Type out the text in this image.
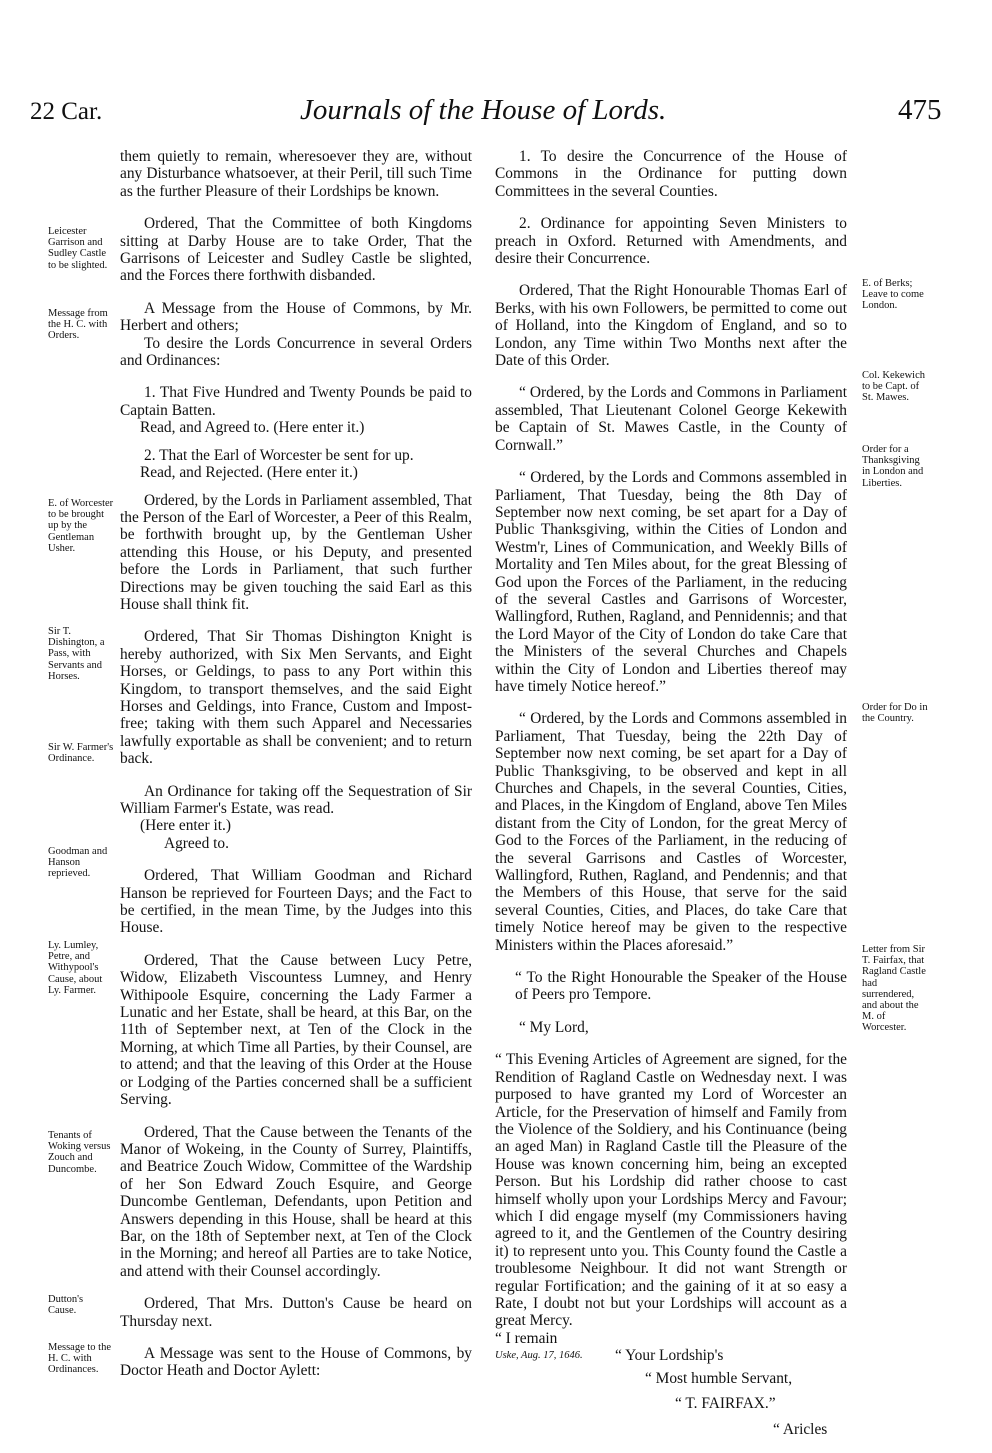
22 Car.	Journals of the House of Lords.	475
Leicester Garrison and Sudley Castle to be slighted.
Message from the H. C. with Orders.
E. of Worcester to be brought up by the Gentleman Usher.
Sir T. Dishington, a Pass, with Servants and Horses.
Sir W. Farmer's Ordinance.
Goodman and Hanson reprieved.
Ly. Lumley, Petre, and Withypool's Cause, about Ly. Farmer.
Tenants of Woking versus Zouch and Duncombe.
Dutton's Cause.
Message to the H. C. with Ordinances.
E. of Berks; Leave to come London.
Col. Kekewich to be Capt. of St. Mawes.
Order for a Thanksgiving in London and Liberties.
Order for Do in the Country.
Letter from Sir T. Fairfax, that Ragland Castle had surrendered, and about the M. of Worcester.

them quietly to remain, wheresoever they are, without any Disturbance whatsoever, at their Peril, till such Time as the further Pleasure of their Lordships be known.

Ordered, That the Committee of both Kingdoms sitting at Darby House are to take Order, That the Garrisons of Leicester and Sudley Castle be slighted, and the Forces there forthwith disbanded.

A Message from the House of Commons, by Mr. Herbert and others;

To desire the Lords Concurrence in several Orders and Ordinances:

1. That Five Hundred and Twenty Pounds be paid to Captain Batten.

Read, and Agreed to. (Here enter it.)

2. That the Earl of Worcester be sent for up.

Read, and Rejected. (Here enter it.)

Ordered, by the Lords in Parliament assembled, That the Person of the Earl of Worcester, a Peer of this Realm, be forthwith brought up, by the Gentleman Usher attending this House, or his Deputy, and presented before the Lords in Parliament, that such further Directions may be given touching the said Earl as this House shall think fit.

Ordered, That Sir Thomas Dishington Knight is hereby authorized, with Six Men Servants, and Eight Horses, or Geldings, to pass to any Port within this Kingdom, to transport themselves, and the said Eight Horses and Geldings, into France, Custom and Impost-free; taking with them such Apparel and Necessaries lawfully exportable as shall be convenient; and to return back.

An Ordinance for taking off the Sequestration of Sir William Farmer's Estate, was read.

(Here enter it.)

Agreed to.

Ordered, That William Goodman and Richard Hanson be reprieved for Fourteen Days; and the Fact to be certified, in the mean Time, by the Judges into this House.

Ordered, That the Cause between Lucy Petre, Widow, Elizabeth Viscountess Lumney, and Henry Withipoole Esquire, concerning the Lady Farmer a Lunatic and her Estate, shall be heard, at this Bar, on the 11th of September next, at Ten of the Clock in the Morning, at which Time all Parties, by their Counsel, are to attend; and that the leaving of this Order at the House or Lodging of the Parties concerned shall be a sufficient Serving.

Ordered, That the Cause between the Tenants of the Manor of Wokeing, in the County of Surrey, Plaintiffs, and Beatrice Zouch Widow, Committee of the Wardship of her Son Edward Zouch Esquire, and George Duncombe Gentleman, Defendants, upon Petition and Answers depending in this House, shall be heard at this Bar, on the 18th of September next, at Ten of the Clock in the Morning; and hereof all Parties are to take Notice, and attend with their Counsel accordingly.

Ordered, That Mrs. Dutton's Cause be heard on Thursday next.

A Message was sent to the House of Commons, by Doctor Heath and Doctor Aylett:

1. To desire the Concurrence of the House of Commons in the Ordinance for putting down Committees in the several Counties.

2. Ordinance for appointing Seven Ministers to preach in Oxford. Returned with Amendments, and desire their Concurrence.

Ordered, That the Right Honourable Thomas Earl of Berks, with his own Followers, be permitted to come out of Holland, into the Kingdom of England, and so to London, any Time within Two Months next after the Date of this Order.

“ Ordered, by the Lords and Commons in Parliament assembled, That Lieutenant Colonel George Kekewith be Captain of St. Mawes Castle, in the County of Cornwall.”

“ Ordered, by the Lords and Commons assembled in Parliament, That Tuesday, being the 8th Day of September now next coming, be set apart for a Day of Public Thanksgiving, within the Cities of London and Westm'r, Lines of Communication, and Weekly Bills of Mortality and Ten Miles about, for the great Blessing of God upon the Forces of the Parliament, in the reducing of the several Castles and Garrisons of Worcester, Wallingford, Ruthen, Ragland, and Pennidennis; and that the Lord Mayor of the City of London do take Care that the Ministers of the several Churches and Chapels within the City of London and Liberties thereof may have timely Notice hereof.”

“ Ordered, by the Lords and Commons assembled in Parliament, That Tuesday, being the 22th Day of September now next coming, be set apart for a Day of Public Thanksgiving, to be observed and kept in all Churches and Chapels, in the several Counties, Cities, and Places, in the Kingdom of England, above Ten Miles distant from the City of London, for the great Mercy of God to the Forces of the Parliament, in the reducing of the several Garrisons and Castles of Worcester, Wallingford, Ruthen, Ragland, and Pendennis; and that the Members of this House, that serve for the said several Counties, Cities, and Places, do take Care that timely Notice hereof may be given to the respective Ministers within the Places aforesaid.”

“ To the Right Honourable the Speaker of the House of Peers pro Tempore.

“ My Lord,

“ This Evening Articles of Agreement are signed, for the Rendition of Ragland Castle on Wednesday next. I was purposed to have granted my Lord of Worcester an Article, for the Preservation of himself and Family from the Violence of the Soldiery, and his Continuance (being an aged Man) in Ragland Castle till the Pleasure of the House was known concerning him, being an excepted Person. But his Lordship did rather choose to cast himself wholly upon your Lordships Mercy and Favour; which I did engage myself (my Commissioners having agreed to it, and the Gentlemen of the Country desiring it) to represent unto you. This County found the Castle a troublesome Neighbour. It did not want Strength or regular Fortification; and the gaining of it at so easy a Rate, I doubt not but your Lordships will account as a great Mercy.

“ I remain

Uske, Aug. 17, 1646.	“ Your Lordship's

“ Most humble Servant,

“ T. FAIRFAX.”

“ Aricles
